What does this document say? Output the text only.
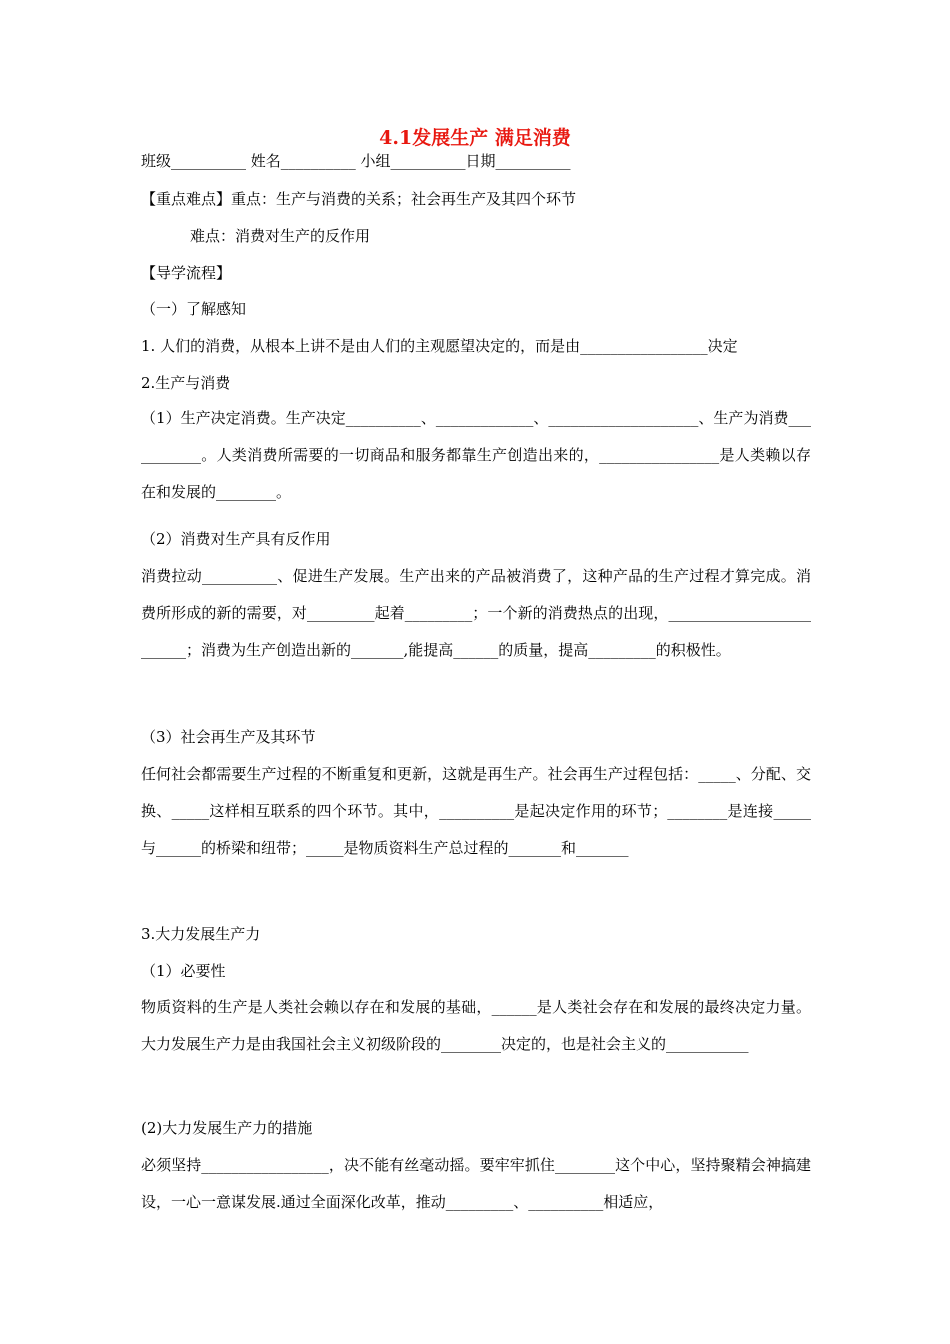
4.1发展生产 满足消费
班级__________ 姓名__________ 小组__________日期__________
【重点难点】重点：生产与消费的关系；社会再生产及其四个环节
难点：消费对生产的反作用
【导学流程】
（一）了解感知
1. 人们的消费，从根本上讲不是由人们的主观愿望决定的，而是由_________________决定
2.生产与消费
（1）生产决定消费。生产决定__________、_____________、____________________、生产为消费___________。人类消费所需要的一切商品和服务都靠生产创造出来的，________________是人类赖以存在和发展的________。
（2）消费对生产具有反作用
消费拉动__________、促进生产发展。生产出来的产品被消费了，这种产品的生产过程才算完成。消费所形成的新的需要，对_________起着_________；一个新的消费热点的出现，_________________________；消费为生产创造出新的_______,能提高______的质量，提高_________的积极性。
（3）社会再生产及其环节
任何社会都需要生产过程的不断重复和更新，这就是再生产。社会再生产过程包括：_____、分配、交换、_____这样相互联系的四个环节。其中，__________是起决定作用的环节；________是连接_____与______的桥梁和纽带；_____是物质资料生产总过程的_______和_______
3.大力发展生产力
（1）必要性
物质资料的生产是人类社会赖以存在和发展的基础，______是人类社会存在和发展的最终决定力量。大力发展生产力是由我国社会主义初级阶段的________决定的，也是社会主义的___________
(2)大力发展生产力的措施
必须坚持_________________，决不能有丝毫动摇。要牢牢抓住________这个中心，坚持聚精会神搞建设，一心一意谋发展.通过全面深化改革，推动_________、__________相适应，
